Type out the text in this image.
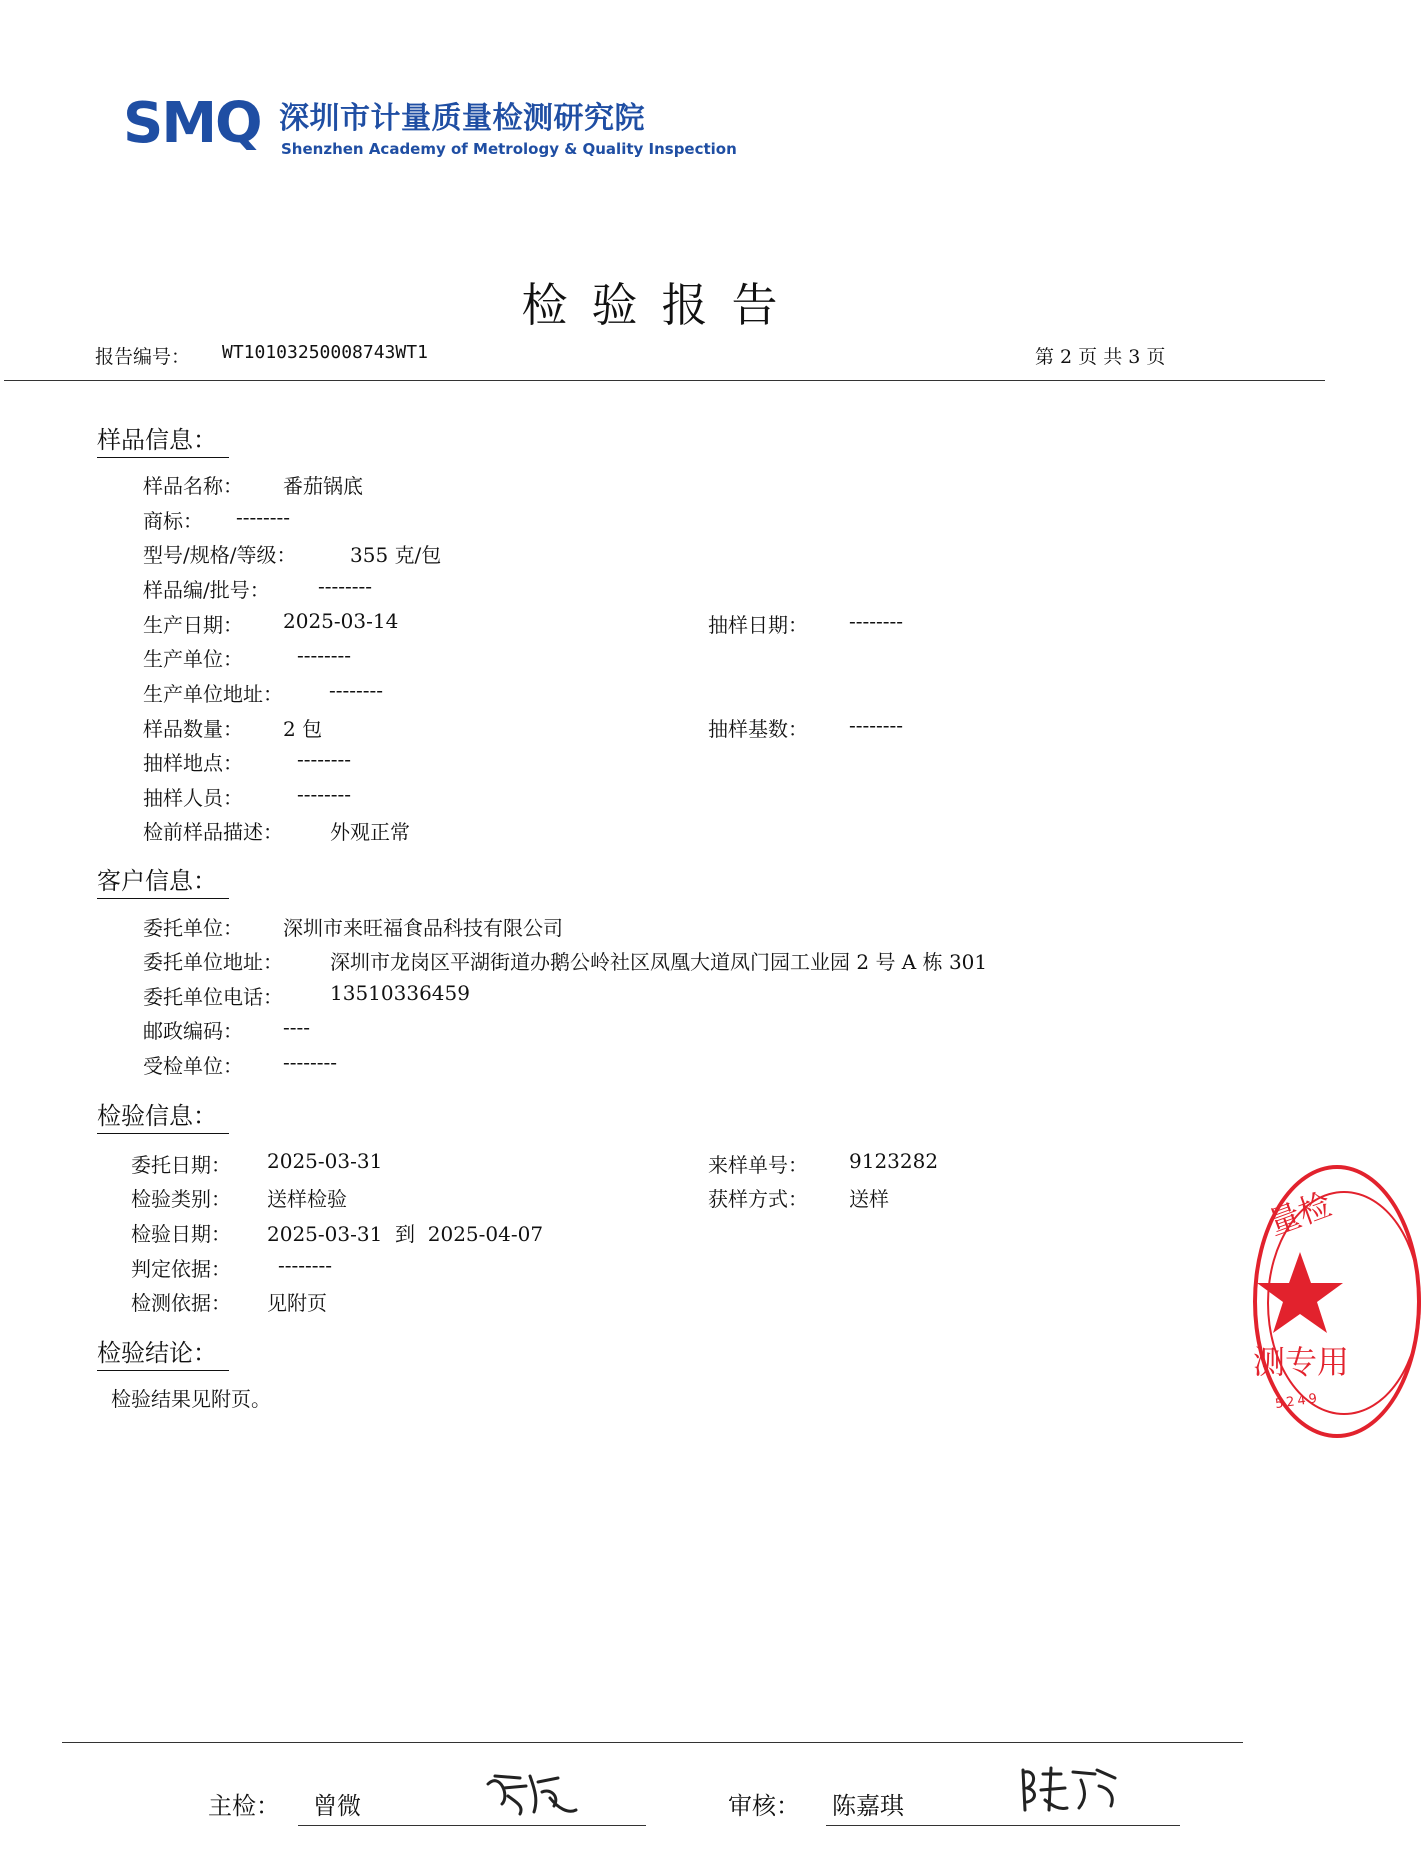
SMQ 深圳市计量质量检测研究院
Shenzhen Academy of Metrology & Quality Inspection
检验报告
报告编号： WT10103250008743WT1	第 2 页 共 3 页
样品信息：
样品名称： 番茄锅底
商标： --------
型号/规格/等级：	355 克/包
样品编/批号： --------
生产日期： 2025-03-14	抽样日期： --------
生产单位：	--------
生产单位地址： --------
样品数量： 2 包	抽样基数： --------
抽样地点：	--------
抽样人员：	--------
检前样品描述： 外观正常
客户信息：
委托单位： 深圳市来旺福食品科技有限公司
委托单位地址： 深圳市龙岗区平湖街道办鹅公岭社区凤凰大道凤门园工业园 2 号 A 栋 301
委托单位电话： 13510336459
邮政编码： ----
受检单位： --------
检验信息：
委托日期： 2025-03-31	来样单号： 9123282
检验类别： 送样检验	获样方式： 送样
检验日期： 2025-03-31  到  2025-04-07
判定依据： --------
检测依据： 见附页
检验结论：
检验结果见附页。
量检
测专用
5249
主检： 曾微	审核： 陈嘉琪
